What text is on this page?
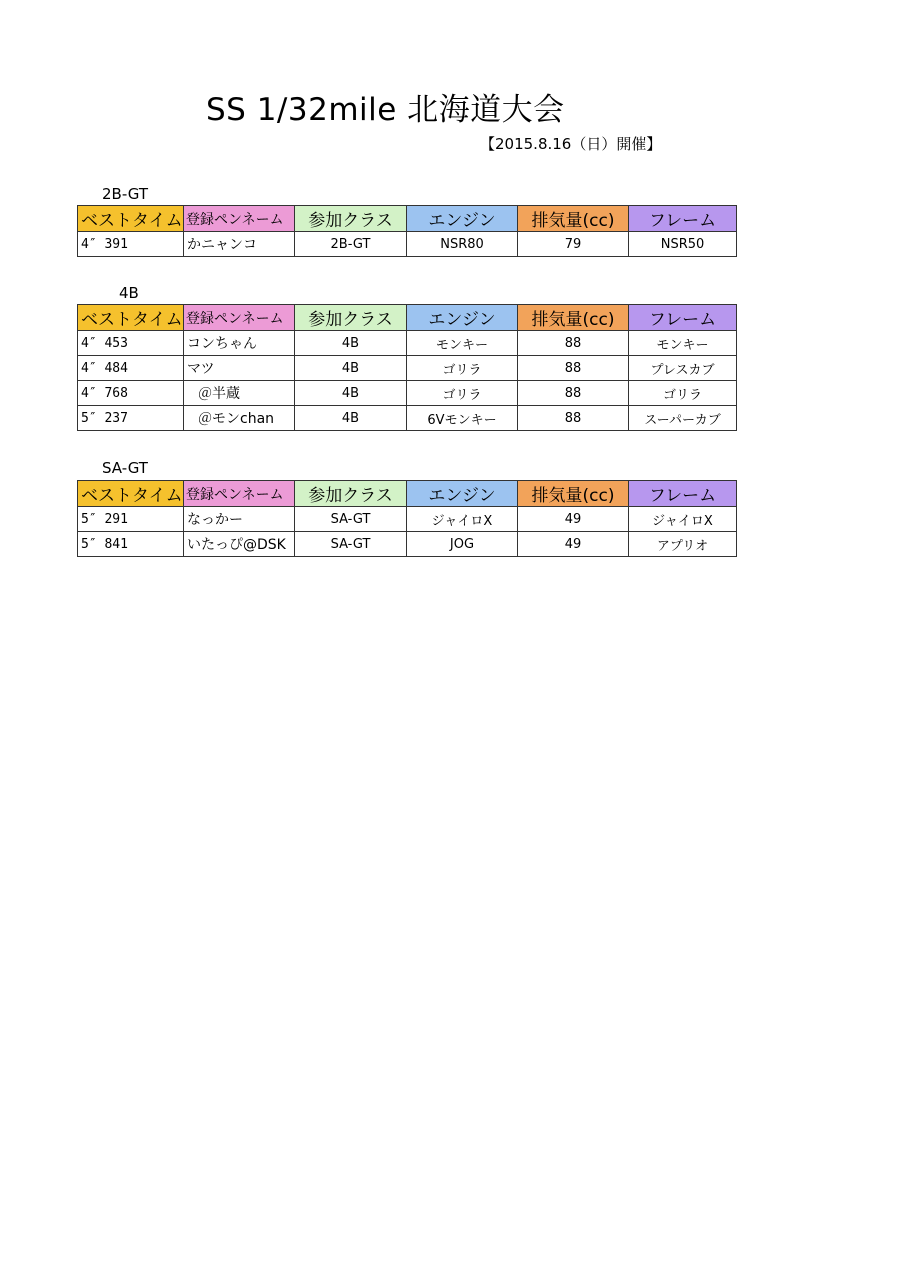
SS 1/32mile 北海道大会
【2015.8.16（日）開催】
2B-GT
ベストタイム	登録ペンネーム	参加クラス	エンジン	排気量(cc)	フレーム
4″ 391	かニャンコ	2B-GT	NSR80	79	NSR50
4B
ベストタイム	登録ペンネーム	参加クラス	エンジン	排気量(cc)	フレーム
4″ 453	コンちゃん	4B	モンキー	88	モンキー
4″ 484	マツ	4B	ゴリラ	88	プレスカブ
4″ 768	＠半蔵	4B	ゴリラ	88	ゴリラ
5″ 237	＠モンchan	4B	6Vモンキー	88	スーパーカブ
SA-GT
ベストタイム	登録ペンネーム	参加クラス	エンジン	排気量(cc)	フレーム
5″ 291	なっかー	SA-GT	ジャイロX	49	ジャイロX
5″ 841	いたっぴ@DSK	SA-GT	JOG	49	アプリオ
